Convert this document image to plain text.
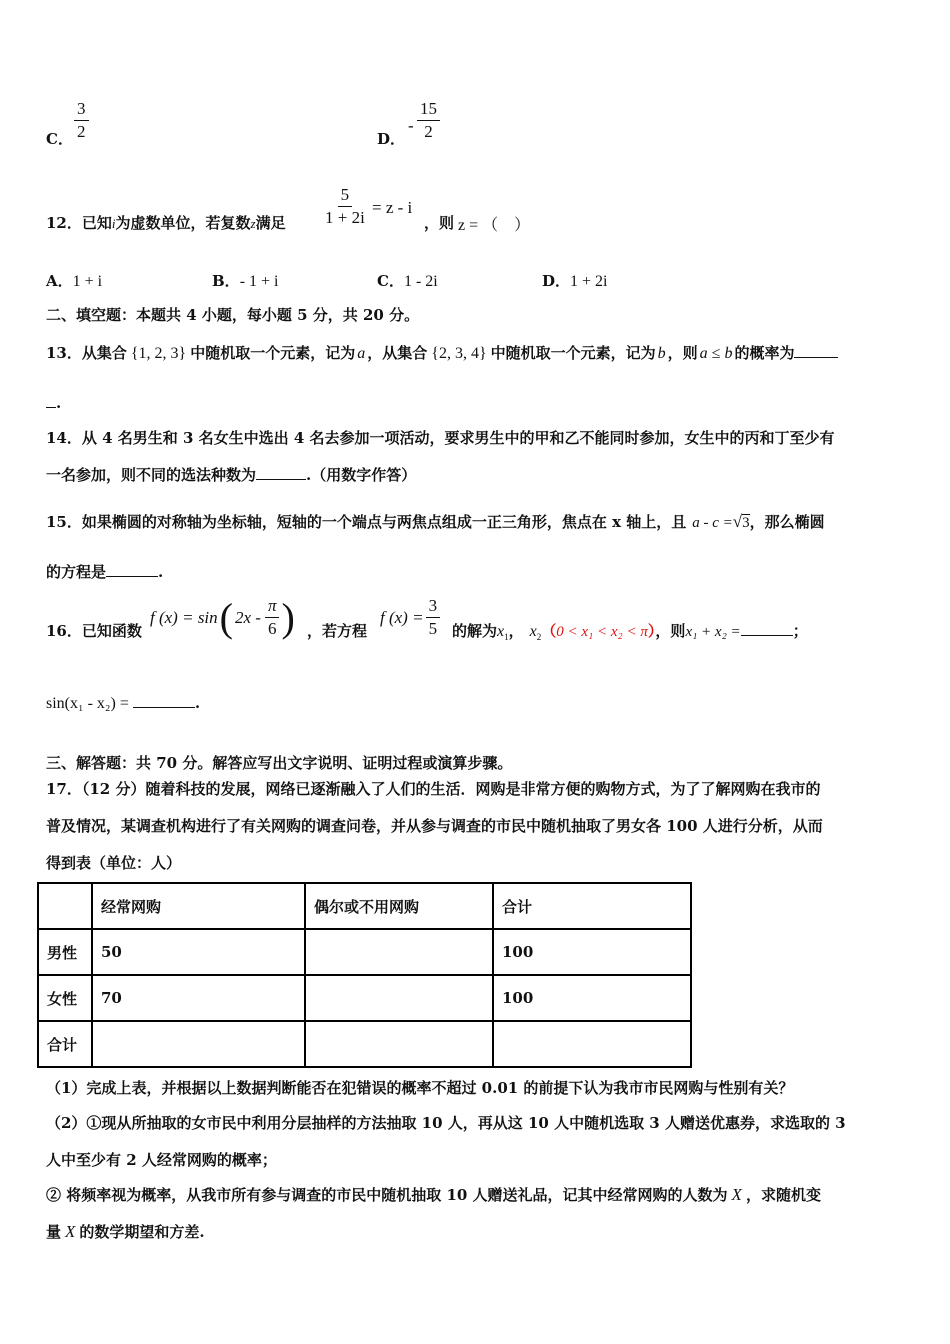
C． $\frac{3}{2}$	D．
- $\frac{15}{2}$
12．已知i为虚数单位，若复数z满足 $\frac{5}{1 + 2i} = z - i$
，则 z = （　）
A．1 + i	B．- 1 + i	C．1 - 2i	D．1 + 2i
二、填空题：本题共 4 小题，每小题 5 分，共 20 分。
13．从集合 {1, 2, 3} 中随机取一个元素，记为 a ，从集合 {2, 3, 4} 中随机取一个元素，记为 b ，则 a ≤ b 的概率为
.
14．从 4 名男生和 3 名女生中选出 4 名去参加一项活动，要求男生中的甲和乙不能同时参加，女生中的丙和丁至少有
一名参加，则不同的选法种数为	.（用数字作答）
15．如果椭圆的对称轴为坐标轴，短轴的一个端点与两焦点组成一正三角形，焦点在 x 轴上，且 a - c =√3，那么椭圆
的方程是	.
16．已知函数
f (x) = sin ( $2x - \frac{\pi}{6}$ ) ，若方程
f $(x) = \frac{3}{5}$ 的解为$x_1$， $x_2(0 < x_1 < x_2 < \pi)$，则x₁ + x₂ =	；
sin(x₁ - x₂) =	.
三、解答题：共 70 分。解答应写出文字说明、证明过程或演算步骤。
17．（12 分）随着科技的发展，网络已逐渐融入了人们的生活．网购是非常方便的购物方式，为了了解网购在我市的
普及情况，某调查机构进行了有关网购的调查问卷，并从参与调查的市民中随机抽取了男女各 100 人进行分析，从而
得到表（单位：人）
	经常网购	偶尔或不用网购	合计
男性	50		100
女性	70		100
合计			
（1）完成上表，并根据以上数据判断能否在犯错误的概率不超过 0.01 的前提下认为我市市民网购与性别有关？
（2）①现从所抽取的女市民中利用分层抽样的方法抽取 10 人，再从这 10 人中随机选取 3 人赠送优惠券，求选取的 3
人中至少有 2 人经常网购的概率；
② 将频率视为概率，从我市所有参与调查的市民中随机抽取 10 人赠送礼品，记其中经常网购的人数为 X ，求随机变
量 X 的数学期望和方差.
